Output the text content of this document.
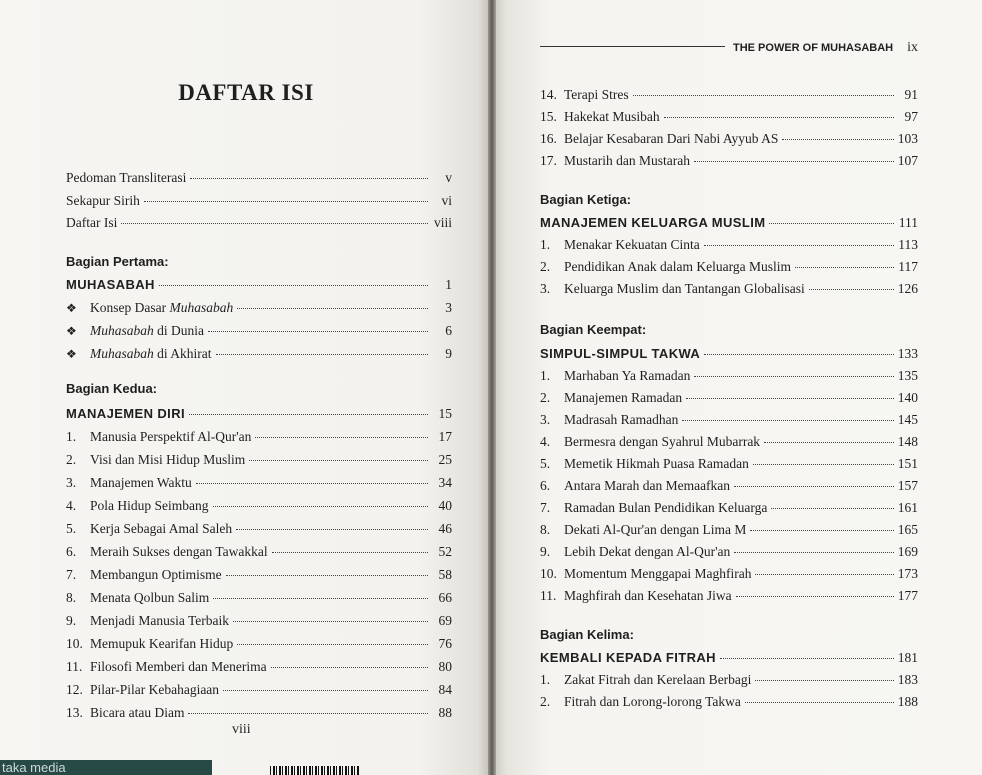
DAFTAR ISI
Pedoman Transliterasi	v
Sekapur Sirih	vi
Daftar Isi	viii
Bagian Pertama:
MUHASABAH	1
❖ Konsep Dasar Muhasabah	3
❖ Muhasabah di Dunia	6
❖ Muhasabah di Akhirat	9
Bagian Kedua:
MANAJEMEN DIRI	15
1. Manusia Perspektif Al-Qur'an	17
2. Visi dan Misi Hidup Muslim	25
3. Manajemen Waktu	34
4. Pola Hidup Seimbang	40
5. Kerja Sebagai Amal Saleh	46
6. Meraih Sukses dengan Tawakkal	52
7. Membangun Optimisme	58
8. Menata Qolbun Salim	66
9. Menjadi Manusia Terbaik	69
10. Memupuk Kearifan Hidup	76
11. Filosofi Memberi dan Menerima	80
12. Pilar-Pilar Kebahagiaan	84
13. Bicara atau Diam	88
viii
THE POWER OF MUHASABAH ix
14. Terapi Stres	91
15. Hakekat Musibah	97
16. Belajar Kesabaran Dari Nabi Ayyub AS	103
17. Mustarih dan Mustarah	107
Bagian Ketiga:
MANAJEMEN KELUARGA MUSLIM	111
1. Menakar Kekuatan Cinta	113
2. Pendidikan Anak dalam Keluarga Muslim	117
3. Keluarga Muslim dan Tantangan Globalisasi	126
Bagian Keempat:
SIMPUL-SIMPUL TAKWA	133
1. Marhaban Ya Ramadan	135
2. Manajemen Ramadan	140
3. Madrasah Ramadhan	145
4. Bermesra dengan Syahrul Mubarrak	148
5. Memetik Hikmah Puasa Ramadan	151
6. Antara Marah dan Memaafkan	157
7. Ramadan Bulan Pendidikan Keluarga	161
8. Dekati Al-Qur'an dengan Lima M	165
9. Lebih Dekat dengan Al-Qur'an	169
10. Momentum Menggapai Maghfirah	173
11. Maghfirah dan Kesehatan Jiwa	177
Bagian Kelima:
KEMBALI KEPADA FITRAH	181
1. Zakat Fitrah dan Kerelaan Berbagi	183
2. Fitrah dan Lorong-lorong Takwa	188
taka media
